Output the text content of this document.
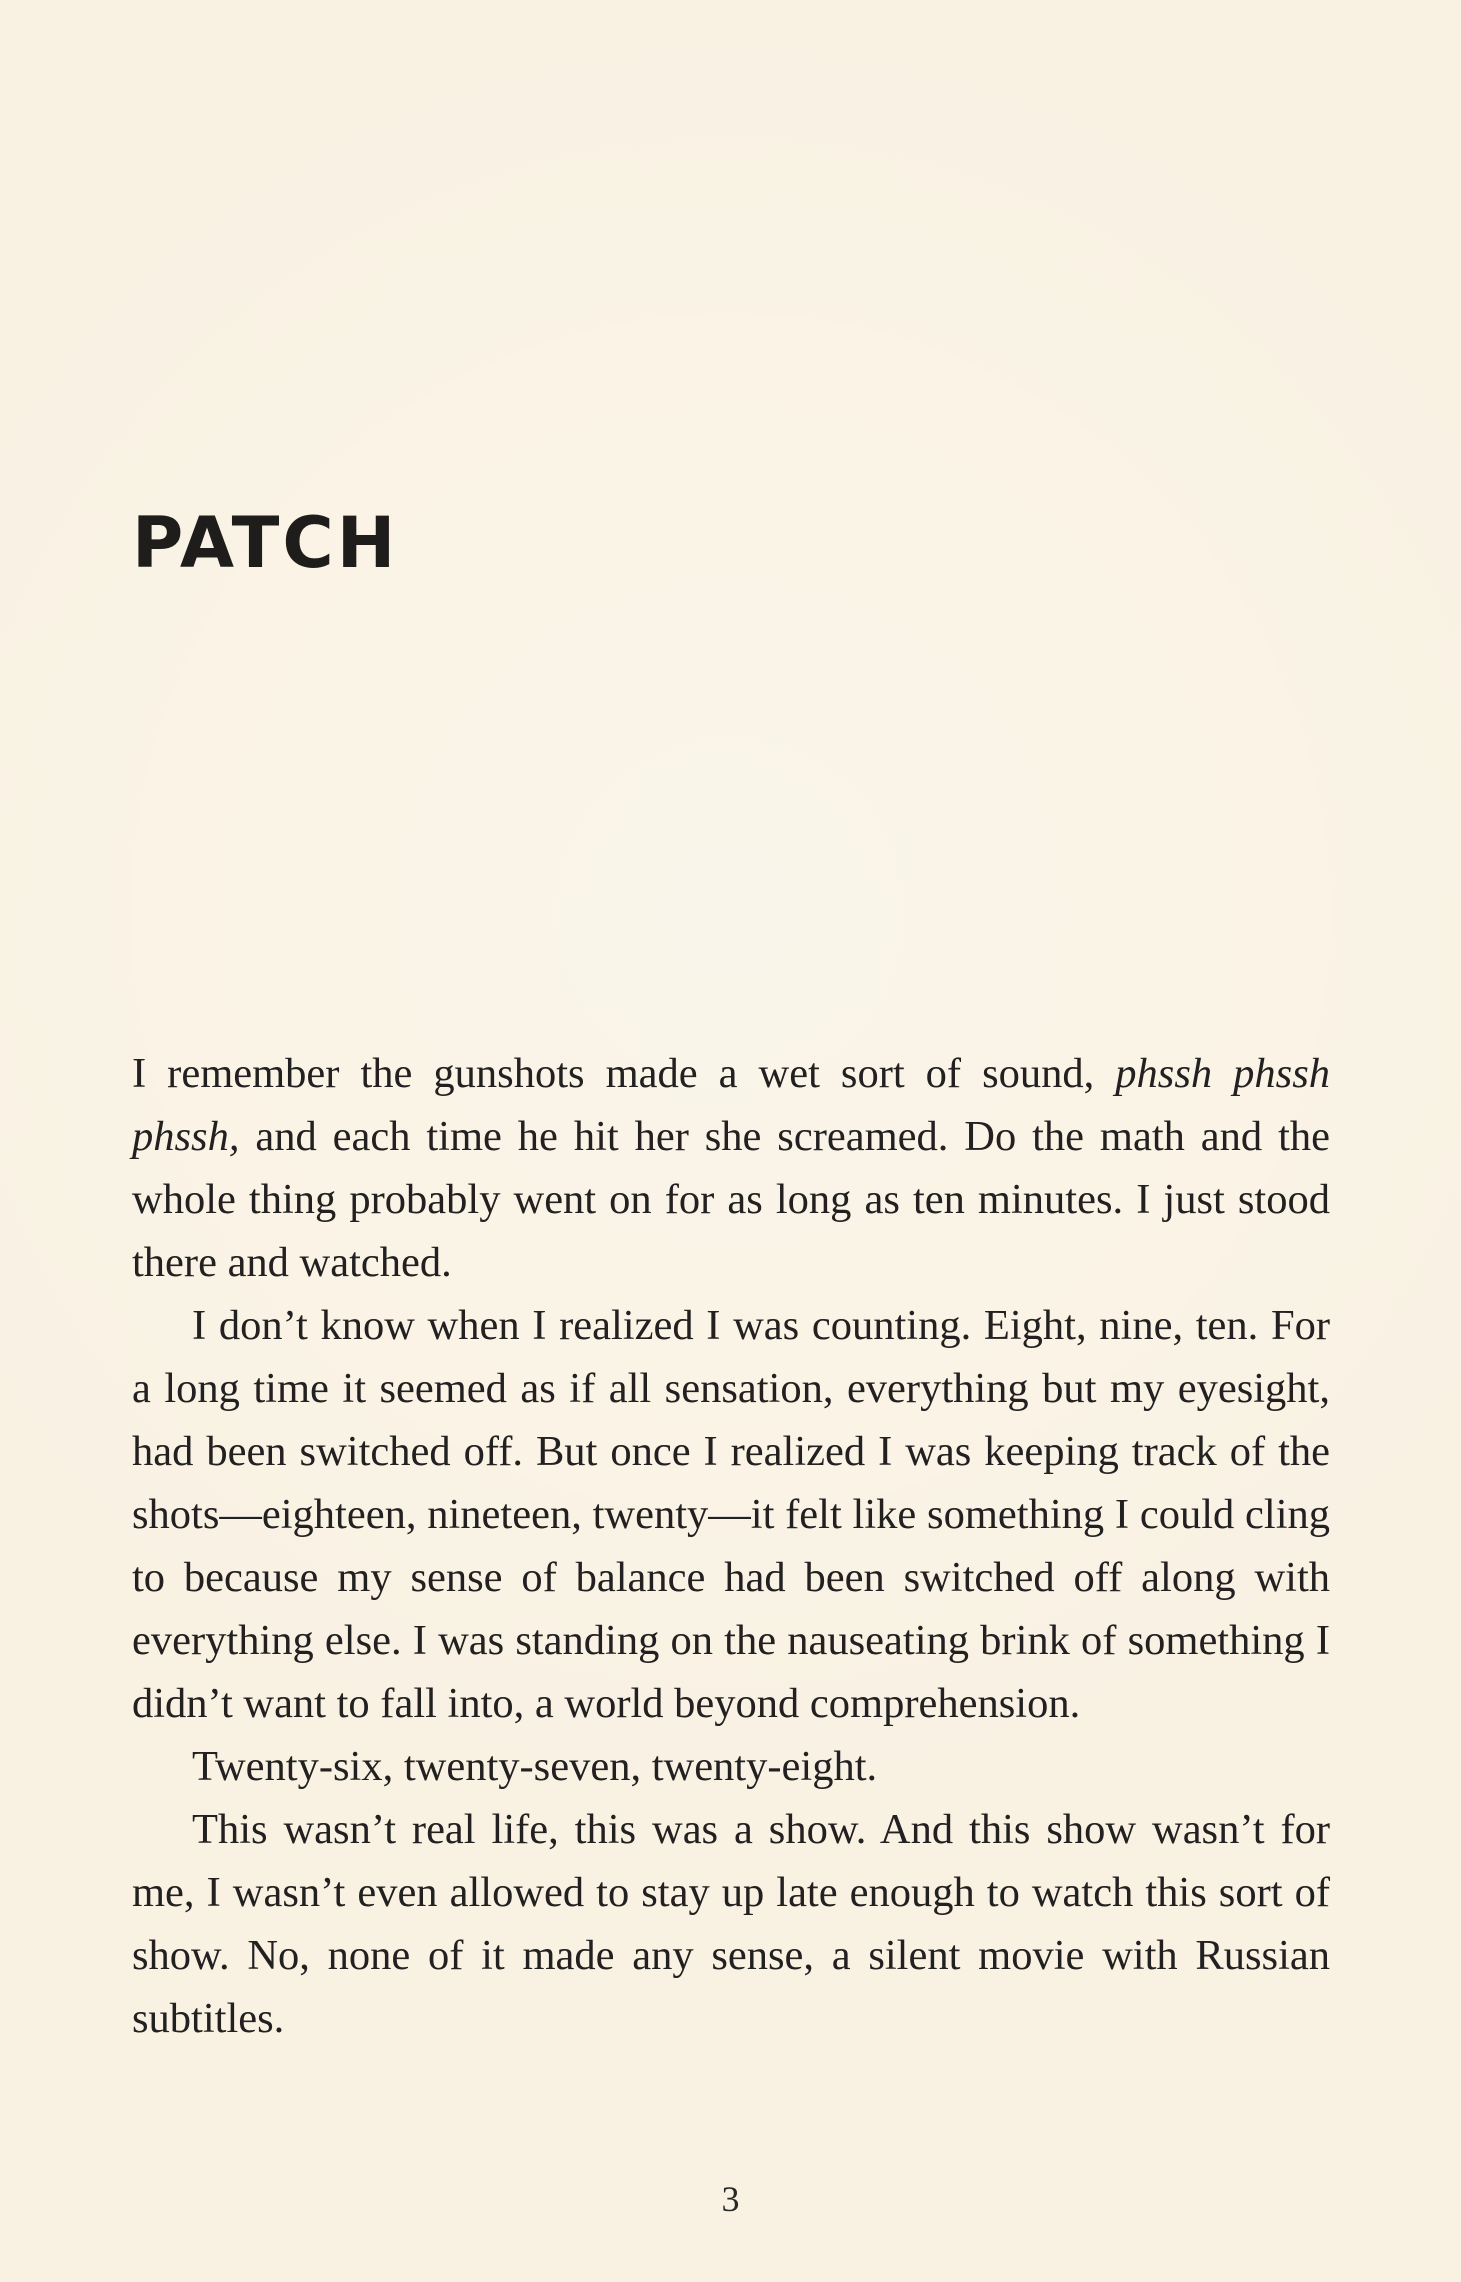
PATCH

I remember the gunshots made a wet sort of sound, phssh phssh phssh, and each time he hit her she screamed. Do the math and the whole thing probably went on for as long as ten minutes. I just stood there and watched.

I don’t know when I realized I was counting. Eight, nine, ten. For a long time it seemed as if all sensation, everything but my eyesight, had been switched off. But once I realized I was keeping track of the shots—eighteen, nineteen, twenty—it felt like something I could cling to because my sense of balance had been switched off along with everything else. I was standing on the nauseating brink of something I didn’t want to fall into, a world beyond comprehension.

Twenty-six, twenty-seven, twenty-eight.

This wasn’t real life, this was a show. And this show wasn’t for me, I wasn’t even allowed to stay up late enough to watch this sort of show. No, none of it made any sense, a silent movie with Russian subtitles.

3
